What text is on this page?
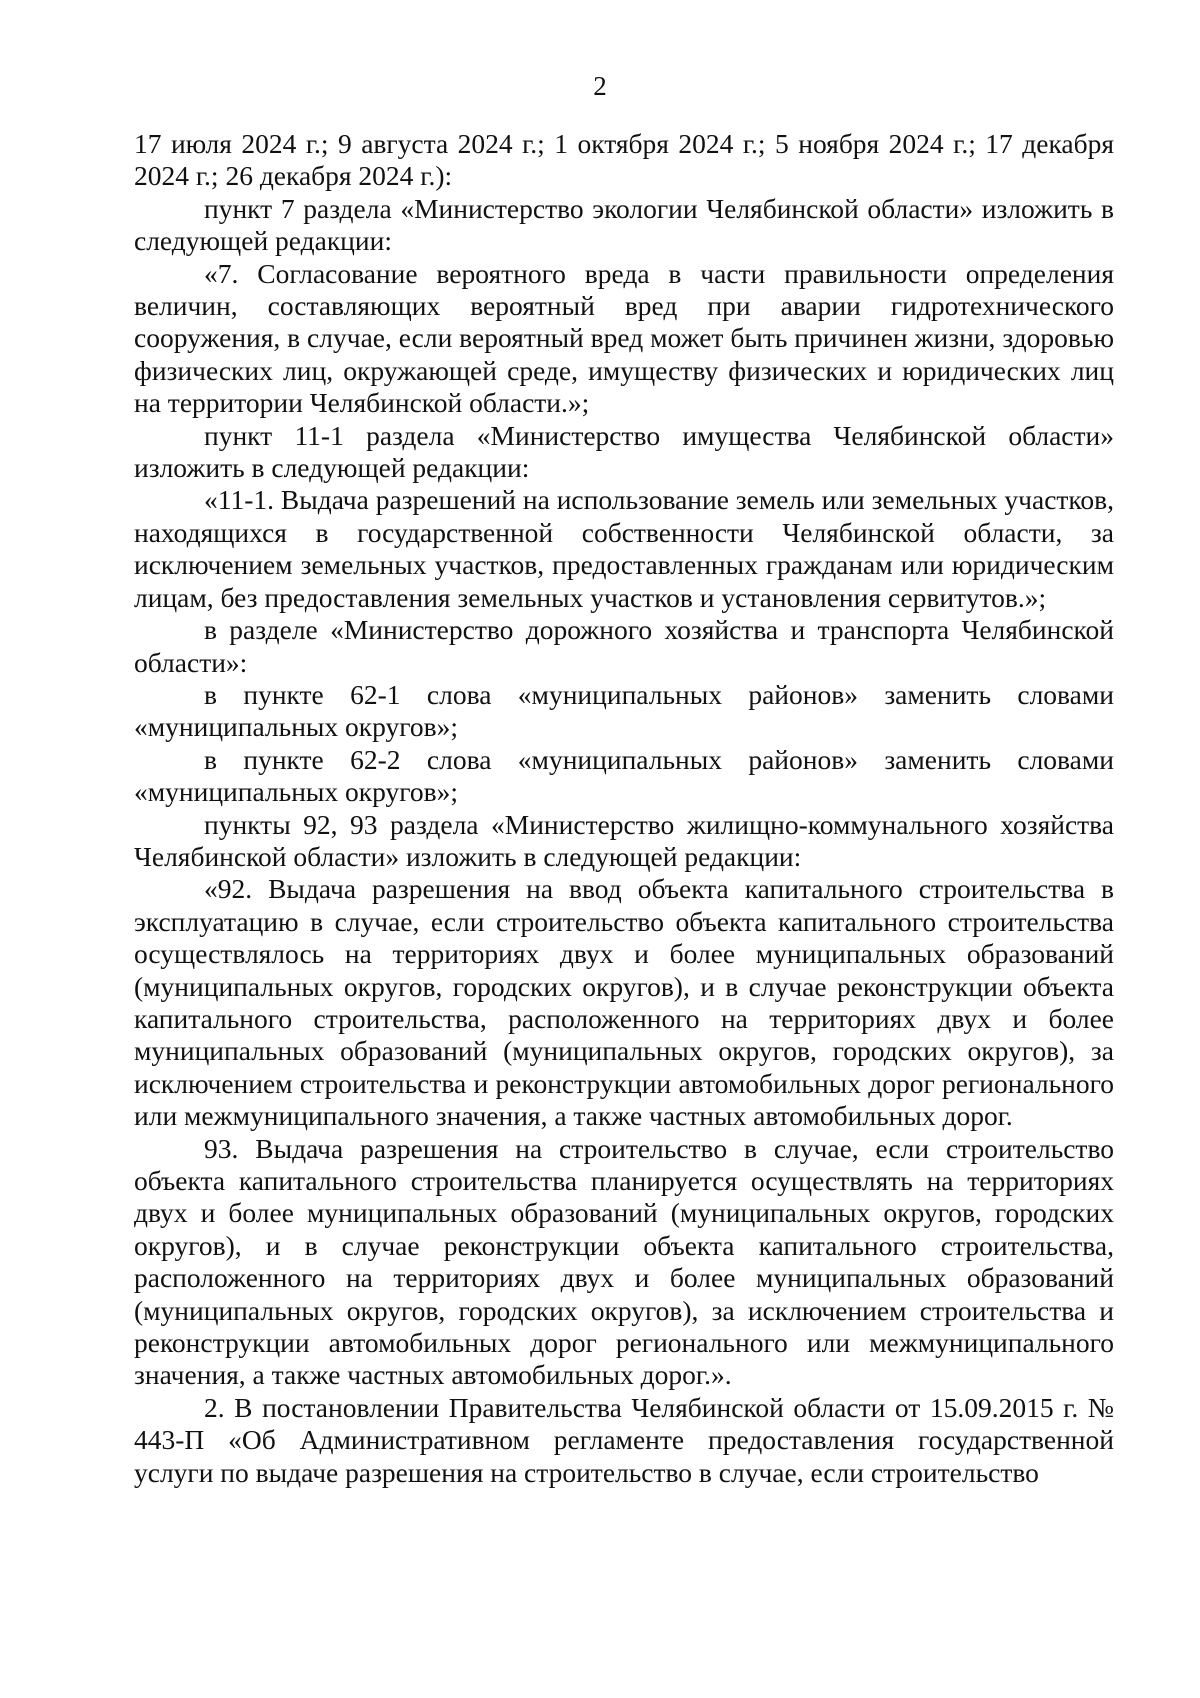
2

17 июля 2024 г.; 9 августа 2024 г.; 1 октября 2024 г.; 5 ноября 2024 г.; 17 декабря 2024 г.; 26 декабря 2024 г.):

пункт 7 раздела «Министерство экологии Челябинской области» изложить в следующей редакции:

«7. Согласование вероятного вреда в части правильности определения величин, составляющих вероятный вред при аварии гидротехнического сооружения, в случае, если вероятный вред может быть причинен жизни, здоровью физических лиц, окружающей среде, имуществу физических и юридических лиц на территории Челябинской области.»;

пункт 11-1 раздела «Министерство имущества Челябинской области» изложить в следующей редакции:

«11-1. Выдача разрешений на использование земель или земельных участков, находящихся в государственной собственности Челябинской области, за исключением земельных участков, предоставленных гражданам или юридическим лицам, без предоставления земельных участков и установления сервитутов.»;

в разделе «Министерство дорожного хозяйства и транспорта Челябинской области»:

в пункте 62-1 слова «муниципальных районов» заменить словами «муниципальных округов»;

в пункте 62-2 слова «муниципальных районов» заменить словами «муниципальных округов»;

пункты 92, 93 раздела «Министерство жилищно-коммунального хозяйства Челябинской области» изложить в следующей редакции:

«92. Выдача разрешения на ввод объекта капитального строительства в эксплуатацию в случае, если строительство объекта капитального строительства осуществлялось на территориях двух и более муниципальных образований (муниципальных округов, городских округов), и в случае реконструкции объекта капитального строительства, расположенного на территориях двух и более муниципальных образований (муниципальных округов, городских округов), за исключением строительства и реконструкции автомобильных дорог регионального или межмуниципального значения, а также частных автомобильных дорог.

93. Выдача разрешения на строительство в случае, если строительство объекта капитального строительства планируется осуществлять на территориях двух и более муниципальных образований (муниципальных округов, городских округов), и в случае реконструкции объекта капитального строительства, расположенного на территориях двух и более муниципальных образований (муниципальных округов, городских округов), за исключением строительства и реконструкции автомобильных дорог регионального или межмуниципального значения, а также частных автомобильных дорог.».

2. В постановлении Правительства Челябинской области от 15.09.2015 г. № 443-П «Об Административном регламенте предоставления государственной услуги по выдаче разрешения на строительство в случае, если строительство
